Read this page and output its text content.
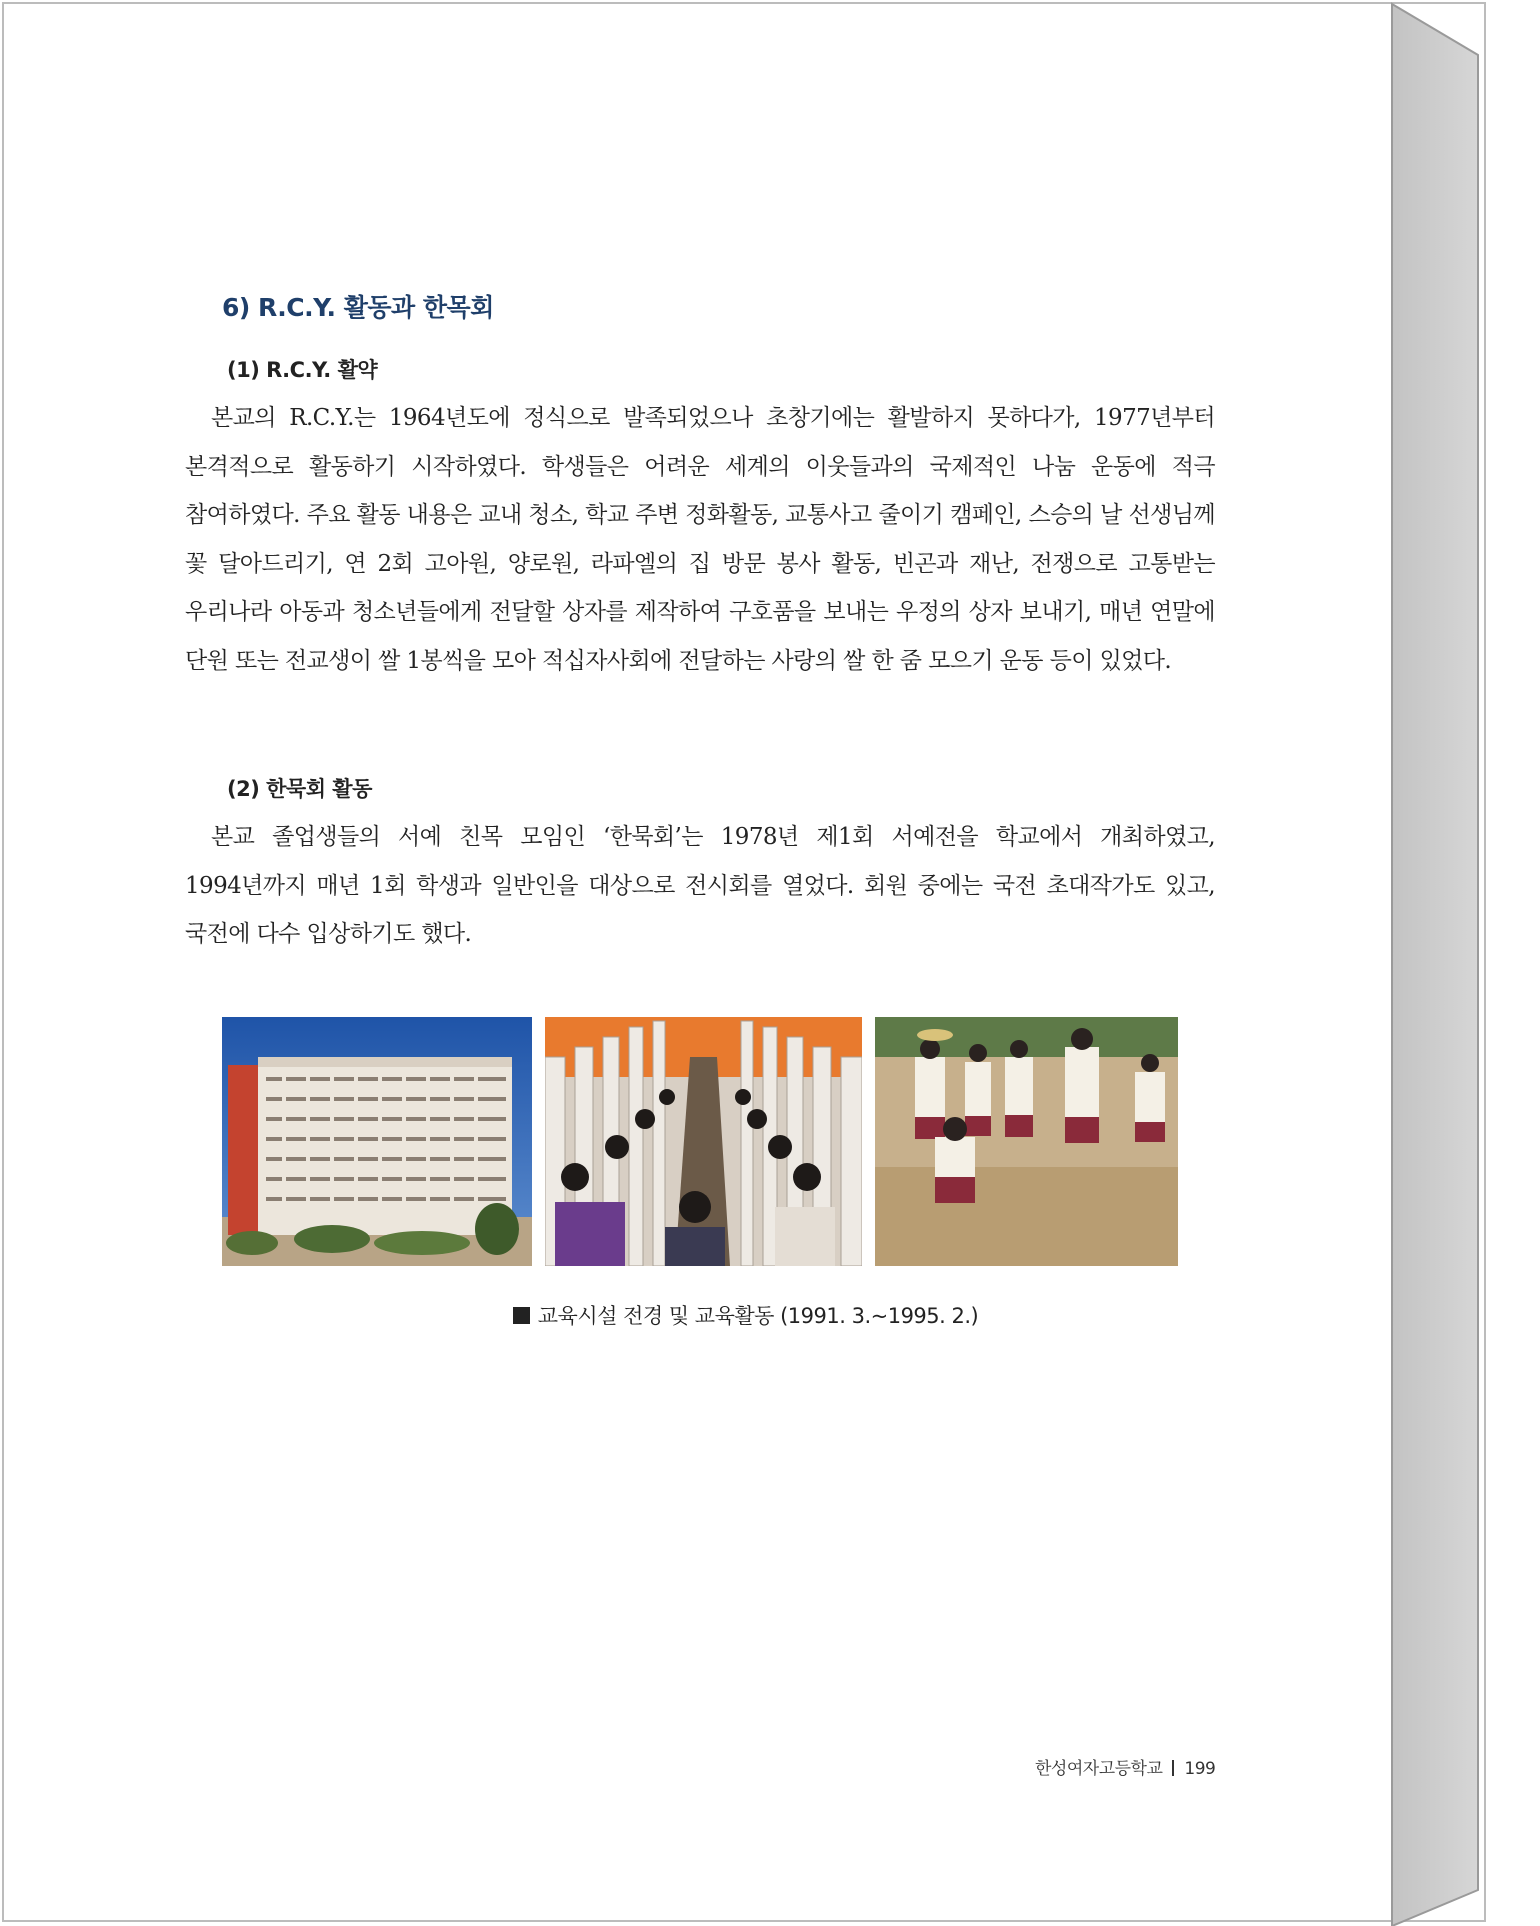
6) R.C.Y. 활동과 한목회
(1) R.C.Y. 활약

본교의 R.C.Y.는 1964년도에 정식으로 발족되었으나 초창기에는 활발하지 못하다가, 1977년부터 본격적으로 활동하기 시작하였다. 학생들은 어려운 세계의 이웃들과의 국제적인 나눔 운동에 적극 참여하였다. 주요 활동 내용은 교내 청소, 학교 주변 정화활동, 교통사고 줄이기 캠페인, 스승의 날 선생님께 꽃 달아드리기, 연 2회 고아원, 양로원, 라파엘의 집 방문 봉사 활동, 빈곤과 재난, 전쟁으로 고통받는 우리나라 아동과 청소년들에게 전달할 상자를 제작하여 구호품을 보내는 우정의 상자 보내기, 매년 연말에 단원 또는 전교생이 쌀 1봉씩을 모아 적십자사회에 전달하는 사랑의 쌀 한 줌 모으기 운동 등이 있었다.

(2) 한묵회 활동

본교 졸업생들의 서예 친목 모임인 ‘한묵회’는 1978년 제1회 서예전을 학교에서 개최하였고, 1994년까지 매년 1회 학생과 일반인을 대상으로 전시회를 열었다. 회원 중에는 국전 초대작가도 있고, 국전에 다수 입상하기도 했다.

교육시설 전경 및 교육활동 (1991. 3.~1995. 2.)
한성여자고등학교 199
